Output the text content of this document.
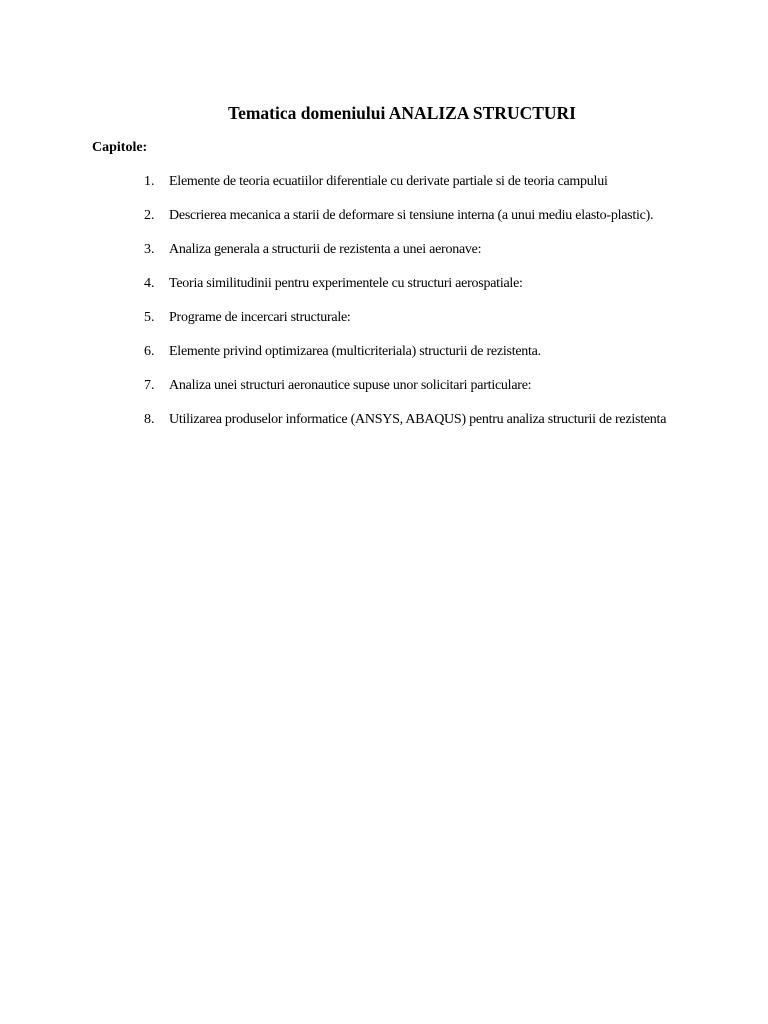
Tematica domeniului ANALIZA STRUCTURI

Capitole:

1.	Elemente de teoria ecuatiilor diferentiale cu derivate partiale si de teoria campului
2.	Descrierea mecanica a starii de deformare si tensiune interna (a unui mediu elasto-plastic).
3.	Analiza generala a structurii de rezistenta a unei aeronave:
4.	Teoria similitudinii pentru experimentele cu structuri aerospatiale:
5.	Programe de incercari structurale:
6.	Elemente privind optimizarea (multicriteriala) structurii de rezistenta.
7.	Analiza unei structuri aeronautice supuse unor solicitari particulare:
8.	Utilizarea produselor informatice (ANSYS, ABAQUS) pentru analiza structurii de rezistenta
